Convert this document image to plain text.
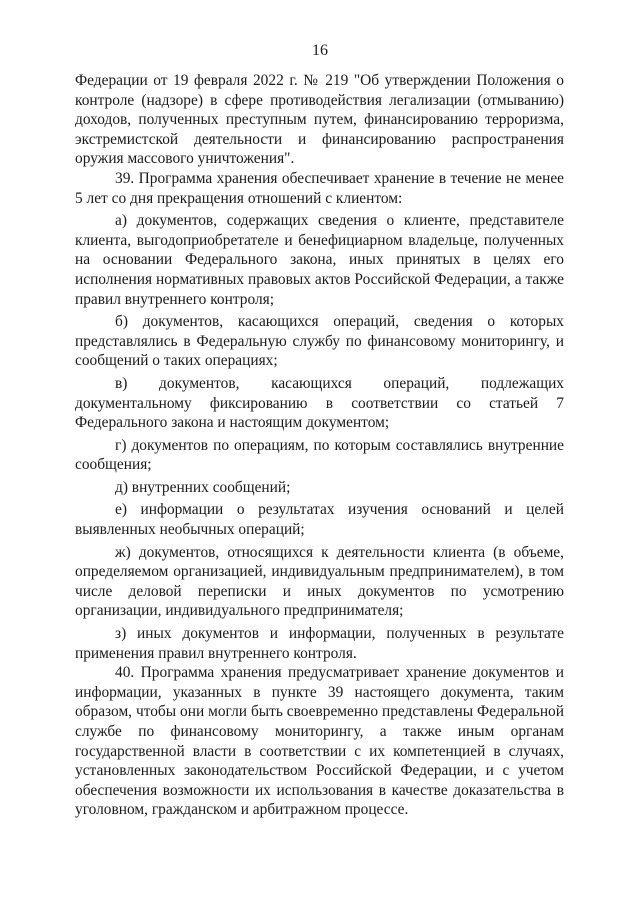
16

Федерации от 19 февраля 2022 г. № 219 "Об утверждении Положения о контроле (надзоре) в сфере противодействия легализации (отмыванию) доходов, полученных преступным путем, финансированию терроризма, экстремистской деятельности и финансированию распространения оружия массового уничтожения".

39. Программа хранения обеспечивает хранение в течение не менее 5 лет со дня прекращения отношений с клиентом:

а) документов, содержащих сведения о клиенте, представителе клиента, выгодоприобретателе и бенефициарном владельце, полученных на основании Федерального закона, иных принятых в целях его исполнения нормативных правовых актов Российской Федерации, а также правил внутреннего контроля;

б) документов, касающихся операций, сведения о которых представлялись в Федеральную службу по финансовому мониторингу, и сообщений о таких операциях;

в) документов, касающихся операций, подлежащих документальному фиксированию в соответствии со статьей 7 Федерального закона и настоящим документом;

г) документов по операциям, по которым составлялись внутренние сообщения;

д) внутренних сообщений;

е) информации о результатах изучения оснований и целей выявленных необычных операций;

ж) документов, относящихся к деятельности клиента (в объеме, определяемом организацией, индивидуальным предпринимателем), в том числе деловой переписки и иных документов по усмотрению организации, индивидуального предпринимателя;

з) иных документов и информации, полученных в результате применения правил внутреннего контроля.

40. Программа хранения предусматривает хранение документов и информации, указанных в пункте 39 настоящего документа, таким образом, чтобы они могли быть своевременно представлены Федеральной службе по финансовому мониторингу, а также иным органам государственной власти в соответствии с их компетенцией в случаях, установленных законодательством Российской Федерации, и с учетом обеспечения возможности их использования в качестве доказательства в уголовном, гражданском и арбитражном процессе.
